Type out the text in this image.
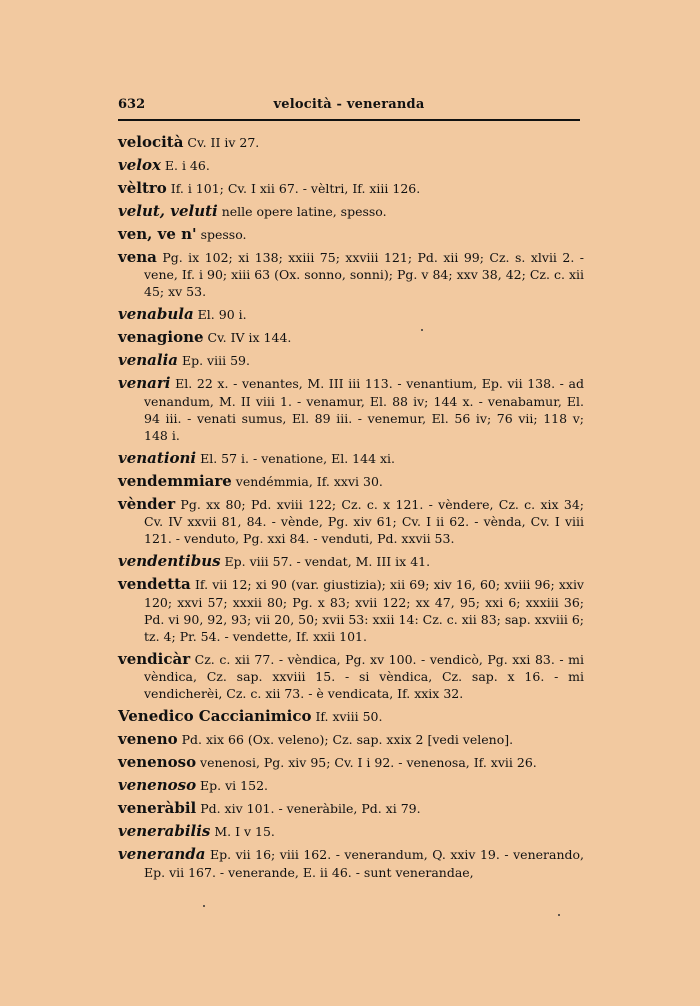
632	velocità - veneranda

velocità Cv. II iv 27.

velox E. i 46.

vèltro If. i 101; Cv. I xii 67. - vèltri, If. xiii 126.

velut, veluti nelle opere latine, spesso.

ven, ve n' spesso.

vena Pg. ix 102; xi 138; xxiii 75; xxviii 121; Pd. xii 99; Cz. s. xlvii 2. - vene, If. i 90; xiii 63 (Ox. sonno, sonni); Pg. v 84; xxv 38, 42; Cz. c. xii 45; xv 53.

venabula El. 90 i.

venagione Cv. IV ix 144.

venalia Ep. viii 59.

venari El. 22 x. - venantes, M. III iii 113. - venantium, Ep. vii 138. - ad venandum, M. II viii 1. - venamur, El. 88 iv; 144 x. - venabamur, El. 94 iii. - venati sumus, El. 89 iii. - venemur, El. 56 iv; 76 vii; 118 v; 148 i.

venationi El. 57 i. - venatione, El. 144 xi.

vendemmiare vendémmia, If. xxvi 30.

vènder Pg. xx 80; Pd. xviii 122; Cz. c. x 121. - vèndere, Cz. c. xix 34; Cv. IV xxvii 81, 84. - vènde, Pg. xiv 61; Cv. I ii 62. - vènda, Cv. I viii 121. - venduto, Pg. xxi 84. - venduti, Pd. xxvii 53.

vendentibus Ep. viii 57. - vendat, M. III ix 41.

vendetta If. vii 12; xi 90 (var. giustizia); xii 69; xiv 16, 60; xviii 96; xxiv 120; xxvi 57; xxxii 80; Pg. x 83; xvii 122; xx 47, 95; xxi 6; xxxiii 36; Pd. vi 90, 92, 93; vii 20, 50; xvii 53: xxii 14: Cz. c. xii 83; sap. xxviii 6; tz. 4; Pr. 54. - vendette, If. xxii 101.

vendicàr Cz. c. xii 77. - vèndica, Pg. xv 100. - vendicò, Pg. xxi 83. - mi vèndica, Cz. sap. xxviii 15. - si vèndica, Cz. sap. x 16. - mi vendicherèi, Cz. c. xii 73. - è vendicata, If. xxix 32.

Venedico Caccianimico If. xviii 50.

veneno Pd. xix 66 (Ox. veleno); Cz. sap. xxix 2 [vedi veleno].

venenoso venenosi, Pg. xiv 95; Cv. I i 92. - venenosa, If. xvii 26.

venenoso Ep. vi 152.

veneràbil Pd. xiv 101. - veneràbile, Pd. xi 79.

venerabilis M. I v 15.

veneranda Ep. vii 16; viii 162. - venerandum, Q. xxiv 19. - venerando, Ep. vii 167. - venerande, E. ii 46. - sunt venerandae,
